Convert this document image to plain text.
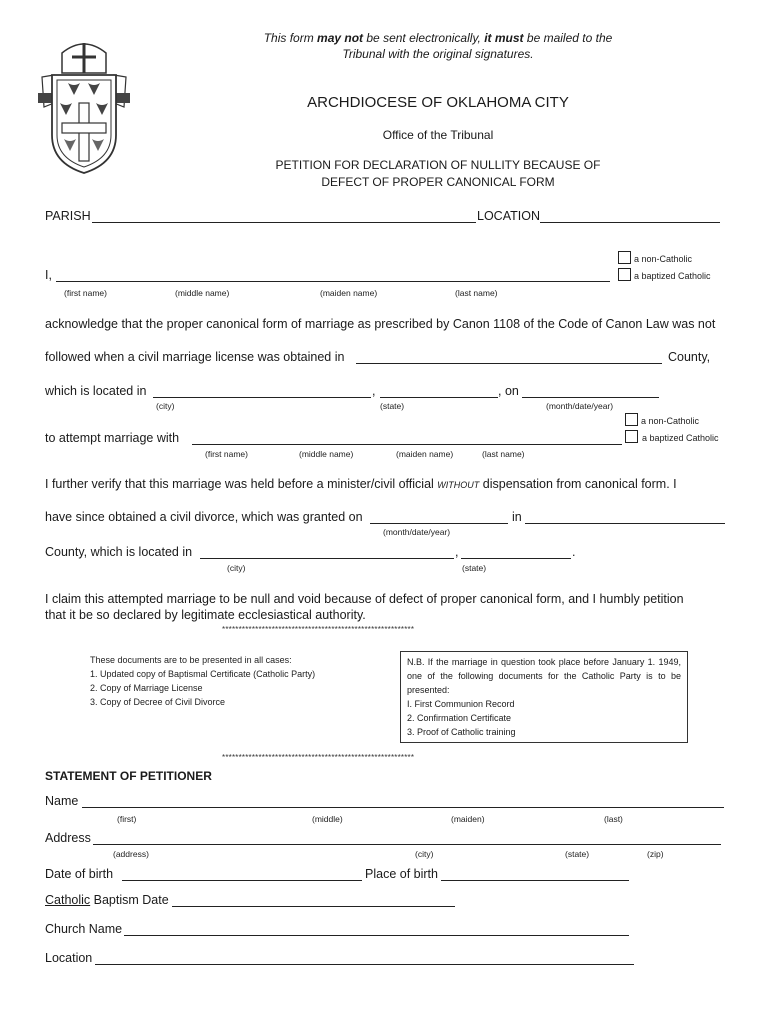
This form may not be sent electronically, it must be mailed to the
Tribunal with the original signatures.
ARCHDIOCESE OF OKLAHOMA CITY
Office of the Tribunal
PETITION FOR DECLARATION OF NULLITY BECAUSE OF
DEFECT OF PROPER CANONICAL FORM
PARISH	LOCATION
a non-Catholic
a baptized Catholic
I,
(first name)	(middle name)	(maiden name)	(last name)
acknowledge that the proper canonical form of marriage as prescribed by Canon 1108 of the Code of Canon Law was not
followed when a civil marriage license was obtained in	County,
which is located in	,	, on
(city)	(state)	(month/date/year)
a non-Catholic
a baptized Catholic
to attempt marriage with
(first name)	(middle name)	(maiden name)	(last name)
I further verify that this marriage was held before a minister/civil official WITHOUT dispensation from canonical form. I
have since obtained a civil divorce, which was granted on	in
(month/date/year)
County, which is located in	,	.
(city)	(state)
I claim this attempted marriage to be null and void because of defect of proper canonical form, and I humbly petition
that it be so declared by legitimate ecclesiastical authority.
**********************************************************
These documents are to be presented in all cases:
1. Updated copy of Baptismal Certificate (Catholic Party)
2. Copy of Marriage License
3. Copy of Decree of Civil Divorce
N.B. If the marriage in question took place before January 1. 1949, one of the following documents for the Catholic Party is to be presented:
I. First Communion Record
2. Confirmation Certificate
3. Proof of Catholic training
**********************************************************
STATEMENT OF PETITIONER
Name
(first)	(middle)	(maiden)	(last)
Address
(address)	(city)	(state)	(zip)
Date of birth	Place of birth
Catholic Baptism Date
Church Name
Location
